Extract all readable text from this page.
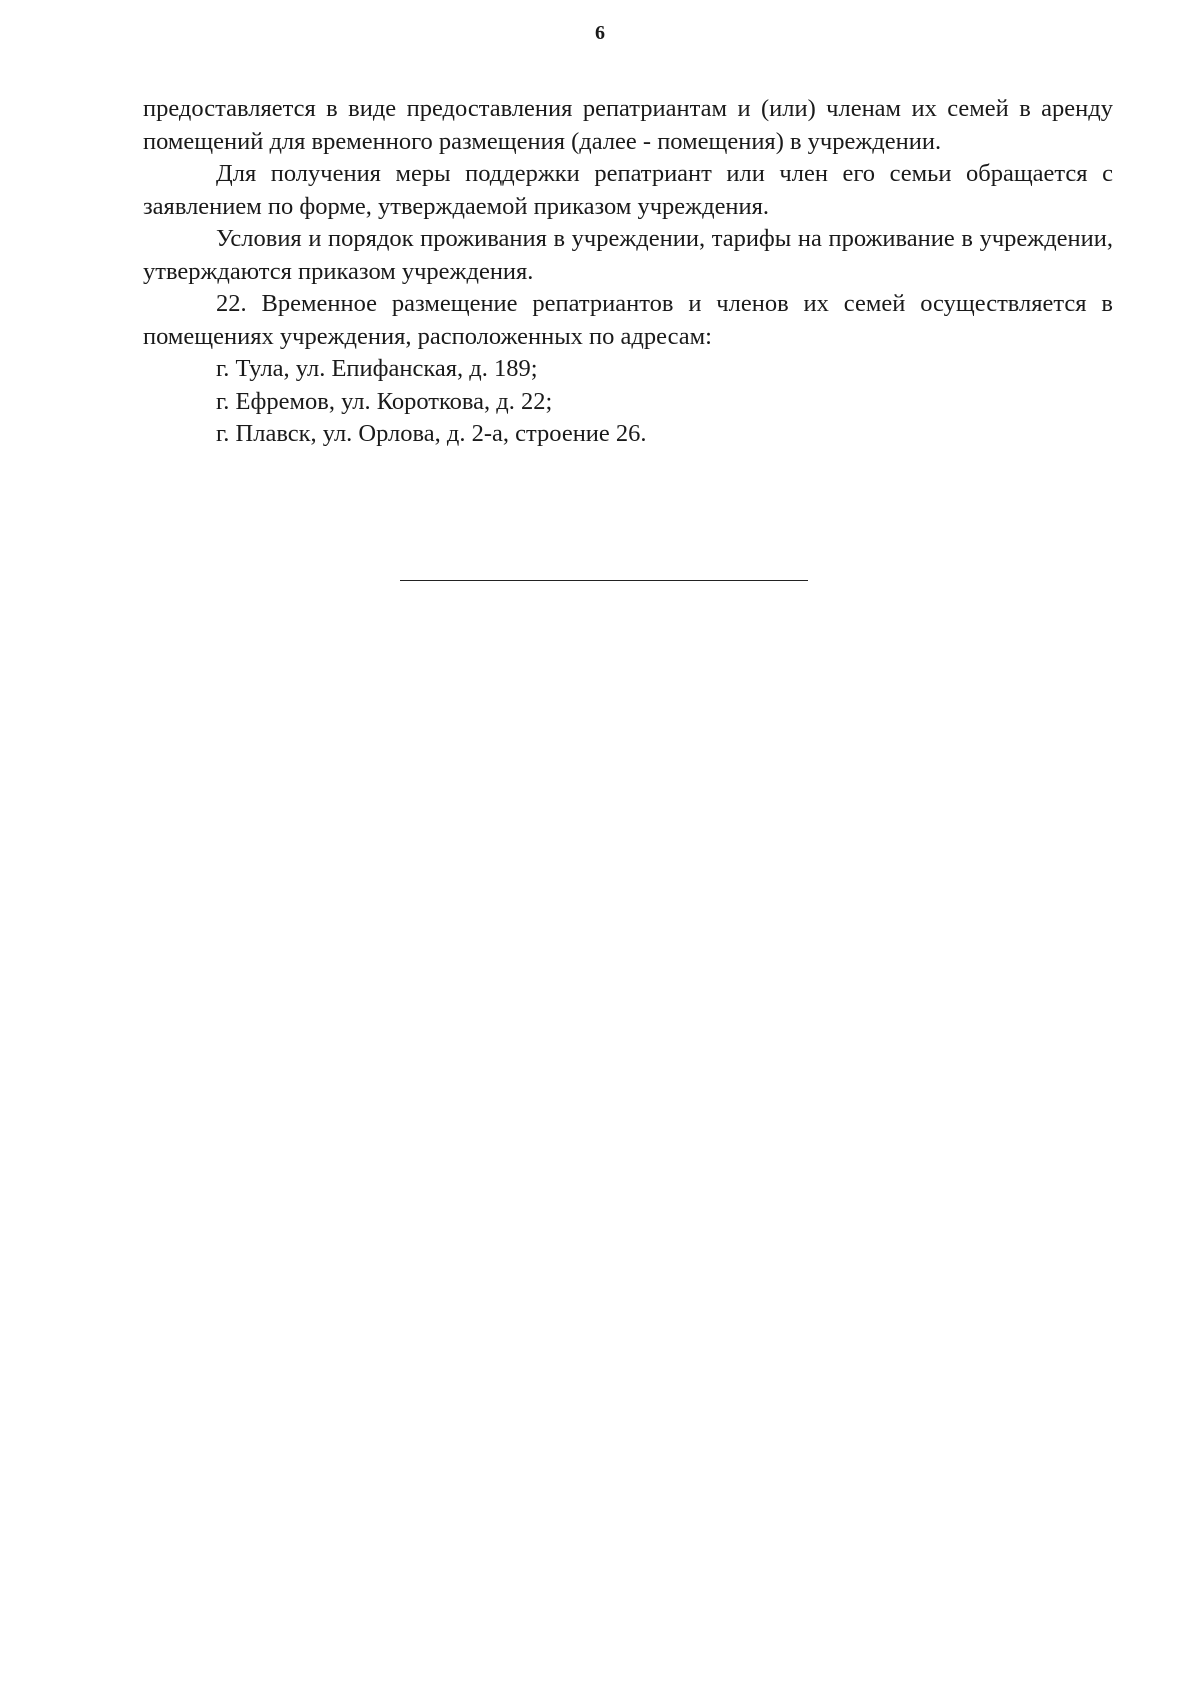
6

предоставляется в виде предоставления репатриантам и (или) членам их семей в аренду помещений для временного размещения (далее - помещения) в учреждении.

Для получения меры поддержки репатриант или член его семьи обращается с заявлением по форме, утверждаемой приказом учреждения.

Условия и порядок проживания в учреждении, тарифы на проживание в учреждении, утверждаются приказом учреждения.

22. Временное размещение репатриантов и членов их семей осуществляется в помещениях учреждения, расположенных по адресам:

г. Тула, ул. Епифанская, д. 189;

г. Ефремов, ул. Короткова, д. 22;

г. Плавск, ул. Орлова, д. 2-а, строение 26.
